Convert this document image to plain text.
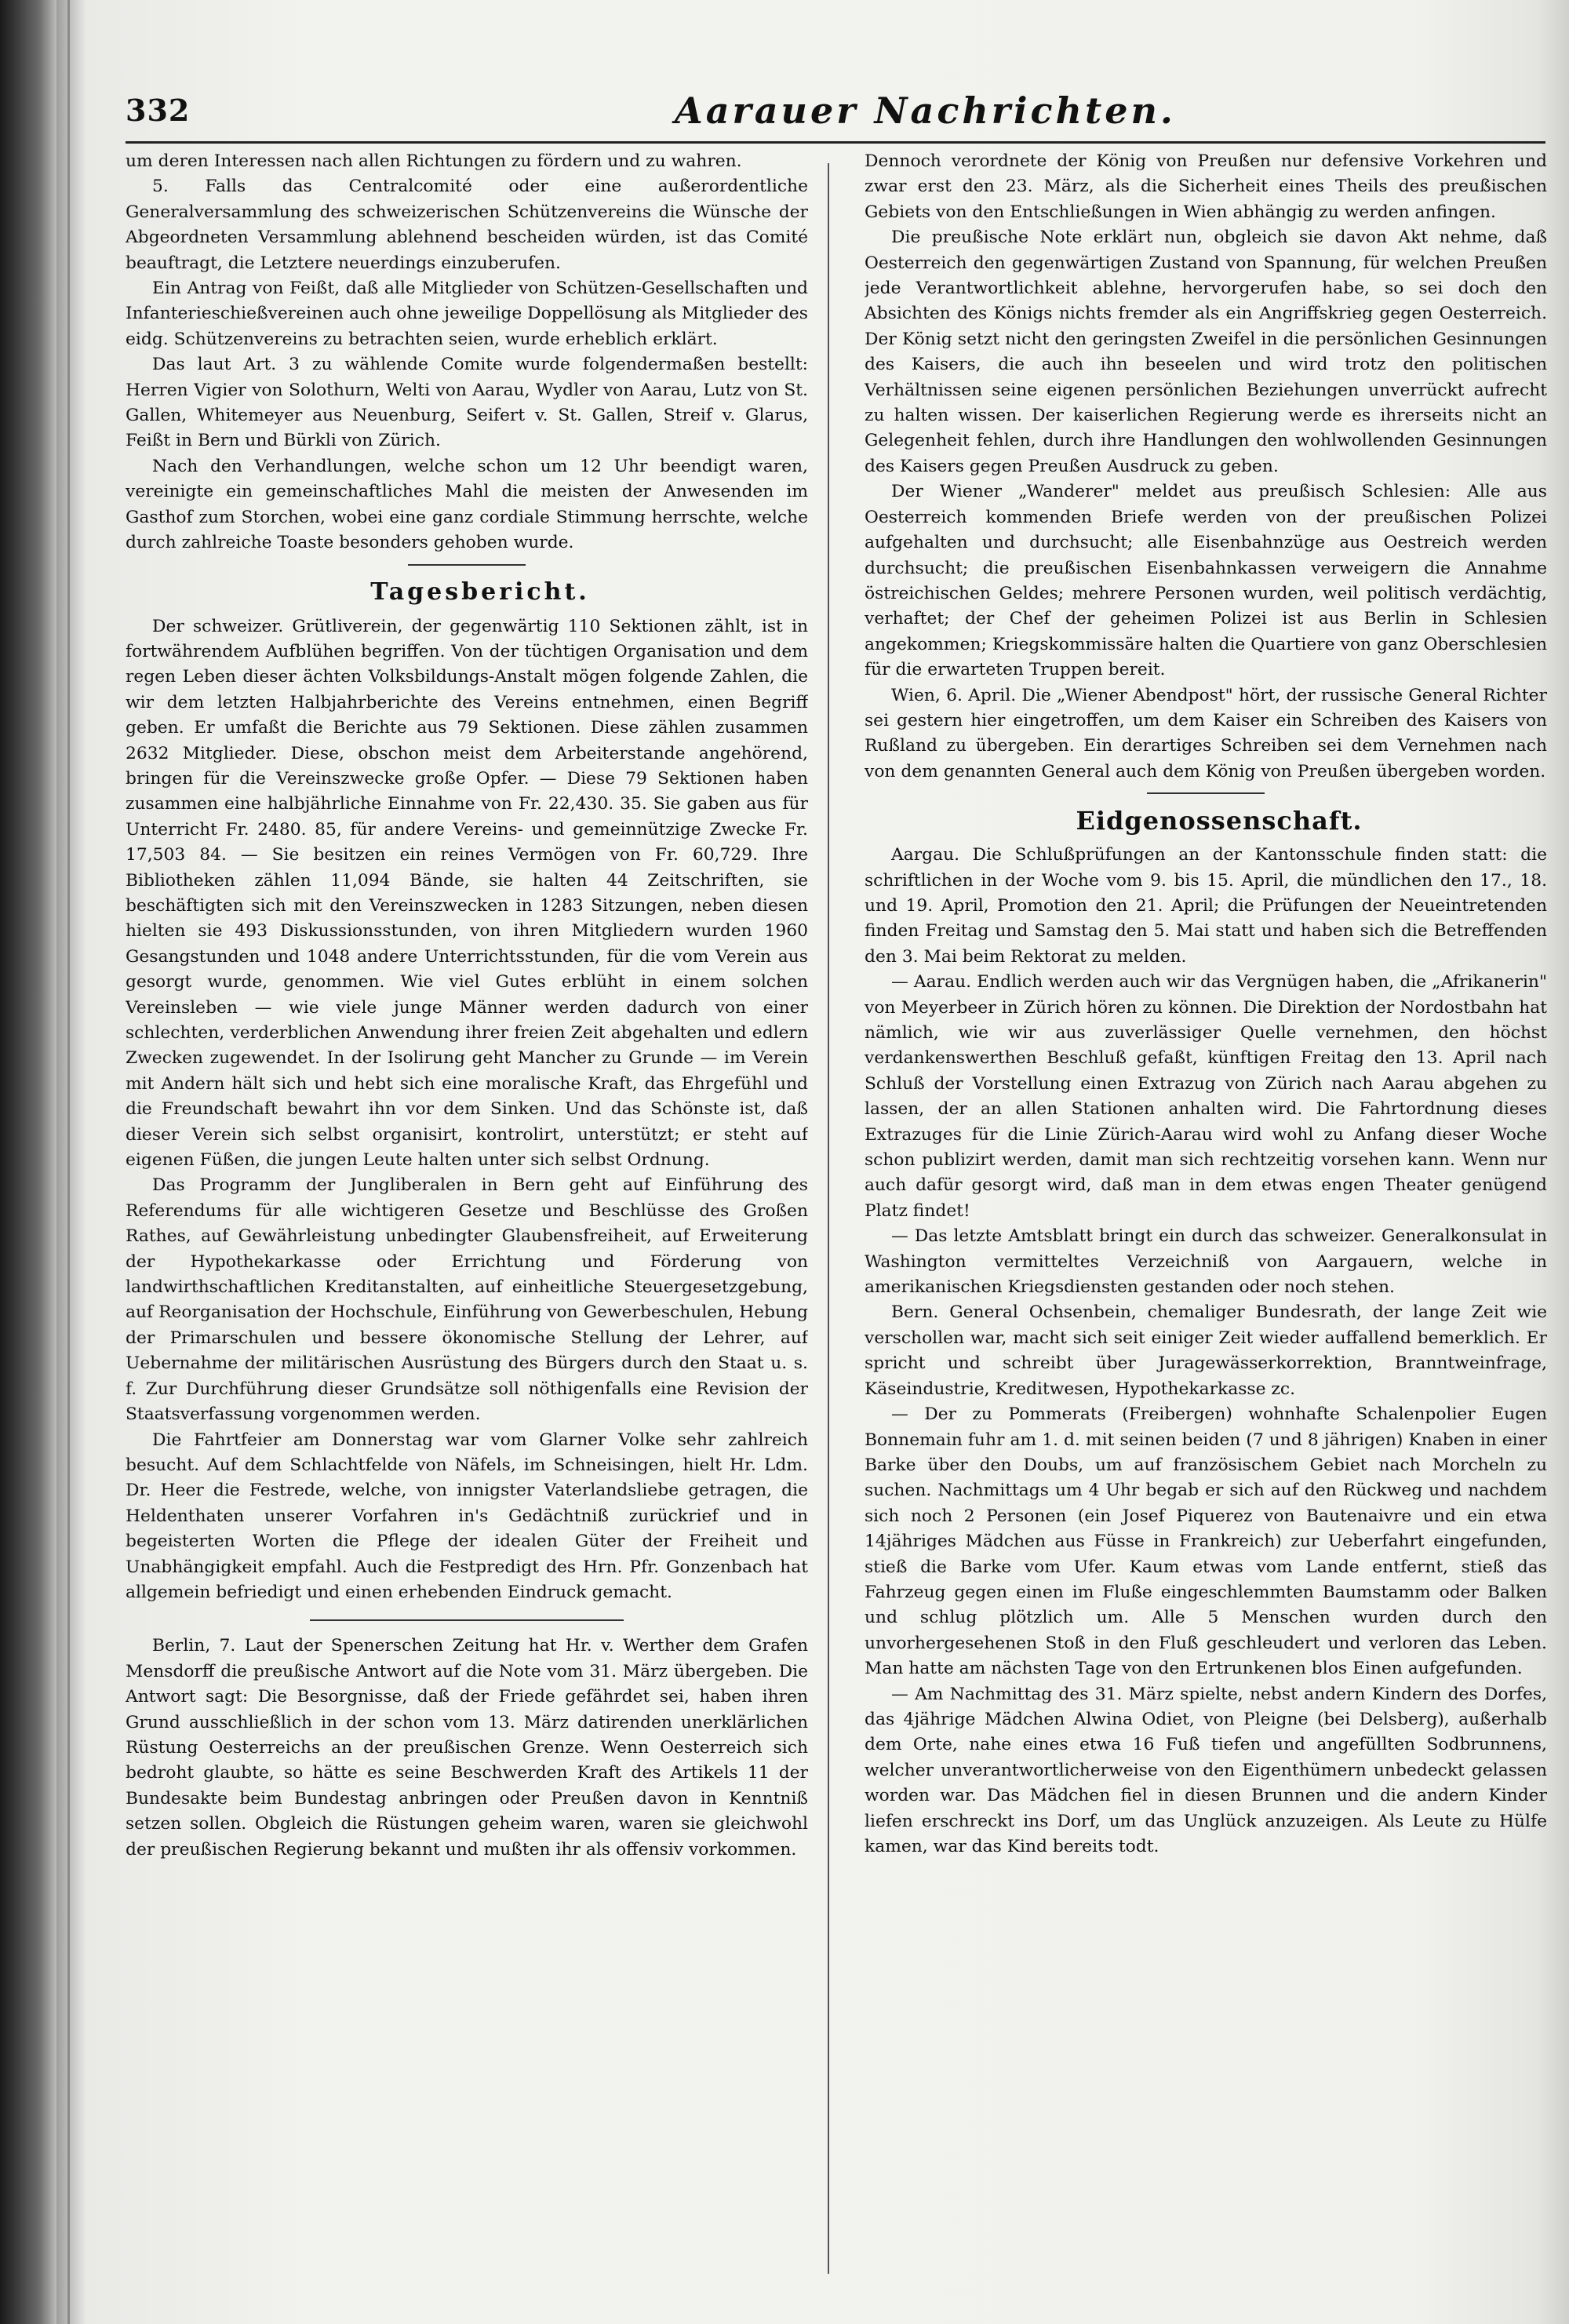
332	Aarauer Nachrichten.

um deren Interessen nach allen Richtungen zu fördern und zu wahren.

5. Falls das Centralcomité oder eine außerordentliche Generalversammlung des schweizerischen Schützenvereins die Wünsche der Abgeordneten Versammlung ablehnend bescheiden würden, ist das Comité beauftragt, die Letztere neuerdings einzuberufen.

Ein Antrag von Feißt, daß alle Mitglieder von Schützen-Gesellschaften und Infanterieschießvereinen auch ohne jeweilige Doppellösung als Mitglieder des eidg. Schützenvereins zu betrachten seien, wurde erheblich erklärt.

Das laut Art. 3 zu wählende Comite wurde folgendermaßen bestellt: Herren Vigier von Solothurn, Welti von Aarau, Wydler von Aarau, Lutz von St. Gallen, Whitemeyer aus Neuenburg, Seifert v. St. Gallen, Streif v. Glarus, Feißt in Bern und Bürkli von Zürich.

Nach den Verhandlungen, welche schon um 12 Uhr beendigt waren, vereinigte ein gemeinschaftliches Mahl die meisten der Anwesenden im Gasthof zum Storchen, wobei eine ganz cordiale Stimmung herrschte, welche durch zahlreiche Toaste besonders gehoben wurde.

Tagesbericht.

Der schweizer. Grütliverein, der gegenwärtig 110 Sektionen zählt, ist in fortwährendem Aufblühen begriffen. Von der tüchtigen Organisation und dem regen Leben dieser ächten Volksbildungs-Anstalt mögen folgende Zahlen, die wir dem letzten Halbjahrberichte des Vereins entnehmen, einen Begriff geben. Er umfaßt die Berichte aus 79 Sektionen. Diese zählen zusammen 2632 Mitglieder. Diese, obschon meist dem Arbeiterstande angehörend, bringen für die Vereinszwecke große Opfer. — Diese 79 Sektionen haben zusammen eine halbjährliche Einnahme von Fr. 22,430. 35. Sie gaben aus für Unterricht Fr. 2480. 85, für andere Vereins- und gemeinnützige Zwecke Fr. 17,503 84. — Sie besitzen ein reines Vermögen von Fr. 60,729. Ihre Bibliotheken zählen 11,094 Bände, sie halten 44 Zeitschriften, sie beschäftigten sich mit den Vereinszwecken in 1283 Sitzungen, neben diesen hielten sie 493 Diskussionsstunden, von ihren Mitgliedern wurden 1960 Gesangstunden und 1048 andere Unterrichtsstunden, für die vom Verein aus gesorgt wurde, genommen. Wie viel Gutes erblüht in einem solchen Vereinsleben — wie viele junge Männer werden dadurch von einer schlechten, verderblichen Anwendung ihrer freien Zeit abgehalten und edlern Zwecken zugewendet. In der Isolirung geht Mancher zu Grunde — im Verein mit Andern hält sich und hebt sich eine moralische Kraft, das Ehrgefühl und die Freundschaft bewahrt ihn vor dem Sinken. Und das Schönste ist, daß dieser Verein sich selbst organisirt, kontrolirt, unterstützt; er steht auf eigenen Füßen, die jungen Leute halten unter sich selbst Ordnung.

Das Programm der Jungliberalen in Bern geht auf Einführung des Referendums für alle wichtigeren Gesetze und Beschlüsse des Großen Rathes, auf Gewährleistung unbedingter Glaubensfreiheit, auf Erweiterung der Hypothekarkasse oder Errichtung und Förderung von landwirthschaftlichen Kreditanstalten, auf einheitliche Steuergesetzgebung, auf Reorganisation der Hochschule, Einführung von Gewerbeschulen, Hebung der Primarschulen und bessere ökonomische Stellung der Lehrer, auf Uebernahme der militärischen Ausrüstung des Bürgers durch den Staat u. s. f. Zur Durchführung dieser Grundsätze soll nöthigenfalls eine Revision der Staatsverfassung vorgenommen werden.

Die Fahrtfeier am Donnerstag war vom Glarner Volke sehr zahlreich besucht. Auf dem Schlachtfelde von Näfels, im Schneisingen, hielt Hr. Ldm. Dr. Heer die Festrede, welche, von innigster Vaterlandsliebe getragen, die Heldenthaten unserer Vorfahren in's Gedächtniß zurückrief und in begeisterten Worten die Pflege der idealen Güter der Freiheit und Unabhängigkeit empfahl. Auch die Festpredigt des Hrn. Pfr. Gonzenbach hat allgemein befriedigt und einen erhebenden Eindruck gemacht.

Berlin, 7. Laut der Spenerschen Zeitung hat Hr. v. Werther dem Grafen Mensdorff die preußische Antwort auf die Note vom 31. März übergeben. Die Antwort sagt: Die Besorgnisse, daß der Friede gefährdet sei, haben ihren Grund ausschließlich in der schon vom 13. März datirenden unerklärlichen Rüstung Oesterreichs an der preußischen Grenze. Wenn Oesterreich sich bedroht glaubte, so hätte es seine Beschwerden Kraft des Artikels 11 der Bundesakte beim Bundestag anbringen oder Preußen davon in Kenntniß setzen sollen. Obgleich die Rüstungen geheim waren, waren sie gleichwohl der preußischen Regierung bekannt und mußten ihr als offensiv vorkommen.

Dennoch verordnete der König von Preußen nur defensive Vorkehren und zwar erst den 23. März, als die Sicherheit eines Theils des preußischen Gebiets von den Entschließungen in Wien abhängig zu werden anfingen.

Die preußische Note erklärt nun, obgleich sie davon Akt nehme, daß Oesterreich den gegenwärtigen Zustand von Spannung, für welchen Preußen jede Verantwortlichkeit ablehne, hervorgerufen habe, so sei doch den Absichten des Königs nichts fremder als ein Angriffskrieg gegen Oesterreich. Der König setzt nicht den geringsten Zweifel in die persönlichen Gesinnungen des Kaisers, die auch ihn beseelen und wird trotz den politischen Verhältnissen seine eigenen persönlichen Beziehungen unverrückt aufrecht zu halten wissen. Der kaiserlichen Regierung werde es ihrerseits nicht an Gelegenheit fehlen, durch ihre Handlungen den wohlwollenden Gesinnungen des Kaisers gegen Preußen Ausdruck zu geben.

Der Wiener „Wanderer" meldet aus preußisch Schlesien: Alle aus Oesterreich kommenden Briefe werden von der preußischen Polizei aufgehalten und durchsucht; alle Eisenbahnzüge aus Oestreich werden durchsucht; die preußischen Eisenbahnkassen verweigern die Annahme östreichischen Geldes; mehrere Personen wurden, weil politisch verdächtig, verhaftet; der Chef der geheimen Polizei ist aus Berlin in Schlesien angekommen; Kriegskommissäre halten die Quartiere von ganz Oberschlesien für die erwarteten Truppen bereit.

Wien, 6. April. Die „Wiener Abendpost" hört, der russische General Richter sei gestern hier eingetroffen, um dem Kaiser ein Schreiben des Kaisers von Rußland zu übergeben. Ein derartiges Schreiben sei dem Vernehmen nach von dem genannten General auch dem König von Preußen übergeben worden.

Eidgenossenschaft.

Aargau. Die Schlußprüfungen an der Kantonsschule finden statt: die schriftlichen in der Woche vom 9. bis 15. April, die mündlichen den 17., 18. und 19. April, Promotion den 21. April; die Prüfungen der Neueintretenden finden Freitag und Samstag den 5. Mai statt und haben sich die Betreffenden den 3. Mai beim Rektorat zu melden.

— Aarau. Endlich werden auch wir das Vergnügen haben, die „Afrikanerin" von Meyerbeer in Zürich hören zu können. Die Direktion der Nordostbahn hat nämlich, wie wir aus zuverlässiger Quelle vernehmen, den höchst verdankenswerthen Beschluß gefaßt, künftigen Freitag den 13. April nach Schluß der Vorstellung einen Extrazug von Zürich nach Aarau abgehen zu lassen, der an allen Stationen anhalten wird. Die Fahrtordnung dieses Extrazuges für die Linie Zürich-Aarau wird wohl zu Anfang dieser Woche schon publizirt werden, damit man sich rechtzeitig vorsehen kann. Wenn nur auch dafür gesorgt wird, daß man in dem etwas engen Theater genügend Platz findet!

— Das letzte Amtsblatt bringt ein durch das schweizer. Generalkonsulat in Washington vermitteltes Verzeichniß von Aargauern, welche in amerikanischen Kriegsdiensten gestanden oder noch stehen.

Bern. General Ochsenbein, chemaliger Bundesrath, der lange Zeit wie verschollen war, macht sich seit einiger Zeit wieder auffallend bemerklich. Er spricht und schreibt über Juragewässerkorrektion, Branntweinfrage, Käseindustrie, Kreditwesen, Hypothekarkasse zc.

— Der zu Pommerats (Freibergen) wohnhafte Schalenpolier Eugen Bonnemain fuhr am 1. d. mit seinen beiden (7 und 8 jährigen) Knaben in einer Barke über den Doubs, um auf französischem Gebiet nach Morcheln zu suchen. Nachmittags um 4 Uhr begab er sich auf den Rückweg und nachdem sich noch 2 Personen (ein Josef Piquerez von Bautenaivre und ein etwa 14jähriges Mädchen aus Füsse in Frankreich) zur Ueberfahrt eingefunden, stieß die Barke vom Ufer. Kaum etwas vom Lande entfernt, stieß das Fahrzeug gegen einen im Fluße eingeschlemmten Baumstamm oder Balken und schlug plötzlich um. Alle 5 Menschen wurden durch den unvorhergesehenen Stoß in den Fluß geschleudert und verloren das Leben. Man hatte am nächsten Tage von den Ertrunkenen blos Einen aufgefunden.

— Am Nachmittag des 31. März spielte, nebst andern Kindern des Dorfes, das 4jährige Mädchen Alwina Odiet, von Pleigne (bei Delsberg), außerhalb dem Orte, nahe eines etwa 16 Fuß tiefen und angefüllten Sodbrunnens, welcher unverantwortlicherweise von den Eigenthümern unbedeckt gelassen worden war. Das Mädchen fiel in diesen Brunnen und die andern Kinder liefen erschreckt ins Dorf, um das Unglück anzuzeigen. Als Leute zu Hülfe kamen, war das Kind bereits todt.
